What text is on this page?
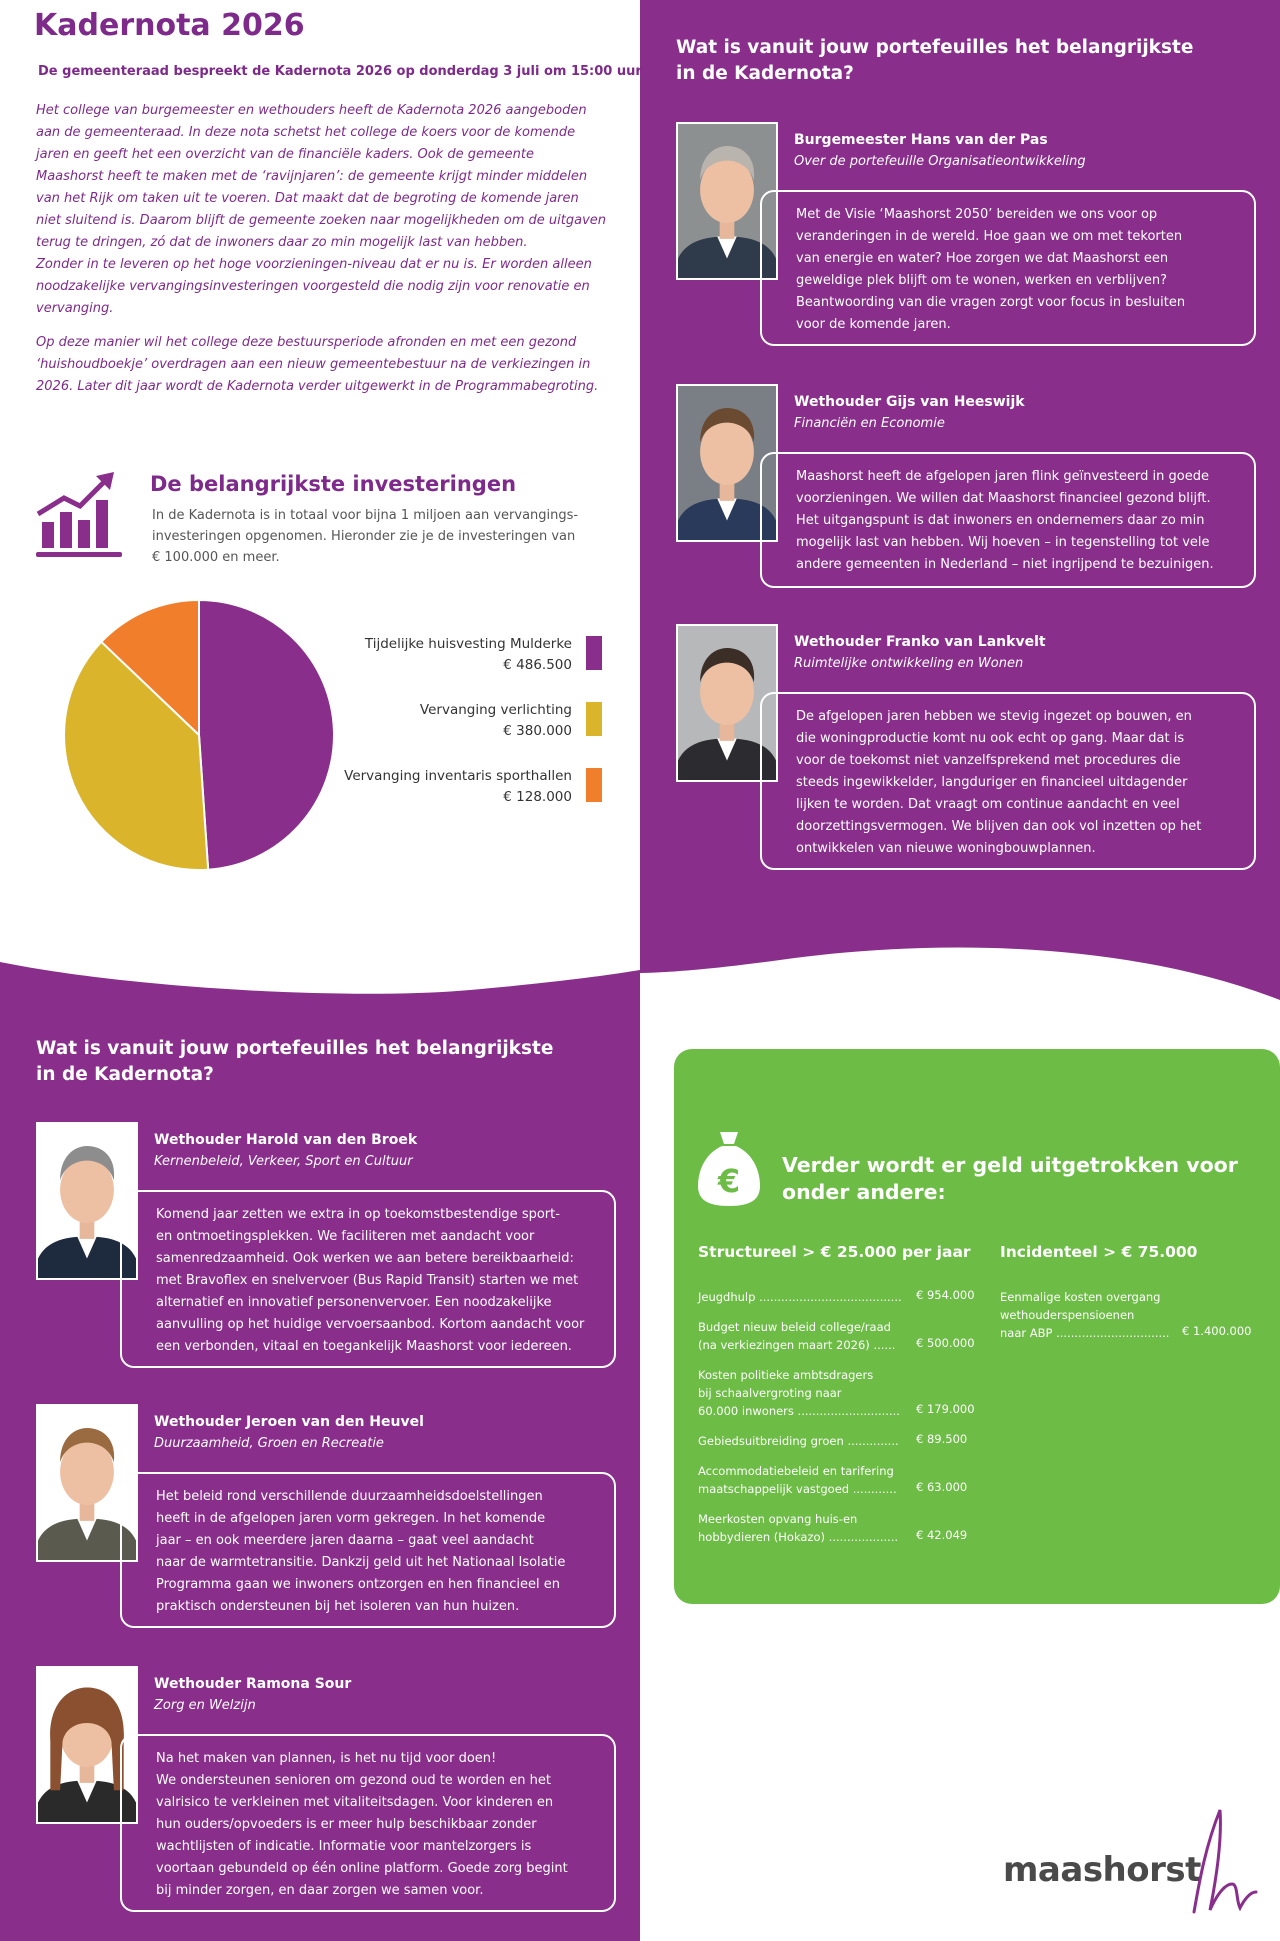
Kadernota 2026
De gemeenteraad bespreekt de Kadernota 2026 op donderdag 3 juli om 15:00 uur
Het college van burgemeester en wethouders heeft de Kadernota 2026 aangeboden
aan de gemeenteraad. In deze nota schetst het college de koers voor de komende
jaren en geeft het een overzicht van de financiële kaders. Ook de gemeente
Maashorst heeft te maken met de ‘ravijnjaren’: de gemeente krijgt minder middelen
van het Rijk om taken uit te voeren. Dat maakt dat de begroting de komende jaren
niet sluitend is. Daarom blijft de gemeente zoeken naar mogelijkheden om de uitgaven
terug te dringen, zó dat de inwoners daar zo min mogelijk last van hebben.
Zonder in te leveren op het hoge voorzieningen-niveau dat er nu is. Er worden alleen
noodzakelijke vervangingsinvesteringen voorgesteld die nodig zijn voor renovatie en
vervanging.
Op deze manier wil het college deze bestuursperiode afronden en met een gezond
‘huishoudboekje’ overdragen aan een nieuw gemeentebestuur na de verkiezingen in
2026. Later dit jaar wordt de Kadernota verder uitgewerkt in de Programmabegroting.
De belangrijkste investeringen
In de Kadernota is in totaal voor bijna 1 miljoen aan vervangings-
investeringen opgenomen. Hieronder zie je de investeringen van
€ 100.000 en meer.
Tijdelijke huisvesting Mulderke
€ 486.500
Vervanging verlichting
€ 380.000
Vervanging inventaris sporthallen
€ 128.000
Wat is vanuit jouw portefeuilles het belangrijkste
in de Kadernota?
Burgemeester Hans van der Pas
Over de portefeuille Organisatieontwikkeling
Met de Visie ‘Maashorst 2050’ bereiden we ons voor op
veranderingen in de wereld. Hoe gaan we om met tekorten
van energie en water? Hoe zorgen we dat Maashorst een
geweldige plek blijft om te wonen, werken en verblijven?
Beantwoording van die vragen zorgt voor focus in besluiten
voor de komende jaren.
Wethouder Gijs van Heeswijk
Financiën en Economie
Maashorst heeft de afgelopen jaren flink geïnvesteerd in goede
voorzieningen. We willen dat Maashorst financieel gezond blijft.
Het uitgangspunt is dat inwoners en ondernemers daar zo min
mogelijk last van hebben. Wij hoeven – in tegenstelling tot vele
andere gemeenten in Nederland – niet ingrijpend te bezuinigen.
Wethouder Franko van Lankvelt
Ruimtelijke ontwikkeling en Wonen
De afgelopen jaren hebben we stevig ingezet op bouwen, en
die woningproductie komt nu ook echt op gang. Maar dat is
voor de toekomst niet vanzelfsprekend met procedures die
steeds ingewikkelder, langduriger en financieel uitdagender
lijken te worden. Dat vraagt om continue aandacht en veel
doorzettingsvermogen. We blijven dan ook vol inzetten op het
ontwikkelen van nieuwe woningbouwplannen.
Wat is vanuit jouw portefeuilles het belangrijkste
in de Kadernota?
Wethouder Harold van den Broek
Kernenbeleid, Verkeer, Sport en Cultuur
Komend jaar zetten we extra in op toekomstbestendige sport-
en ontmoetingsplekken. We faciliteren met aandacht voor
samenredzaamheid. Ook werken we aan betere bereikbaarheid:
met Bravoflex en snelvervoer (Bus Rapid Transit) starten we met
alternatief en innovatief personenvervoer. Een noodzakelijke
aanvulling op het huidige vervoersaanbod. Kortom aandacht voor
een verbonden, vitaal en toegankelijk Maashorst voor iedereen.
Wethouder Jeroen van den Heuvel
Duurzaamheid, Groen en Recreatie
Het beleid rond verschillende duurzaamheidsdoelstellingen
heeft in de afgelopen jaren vorm gekregen. In het komende
jaar – en ook meerdere jaren daarna – gaat veel aandacht
naar de warmtetransitie. Dankzij geld uit het Nationaal Isolatie
Programma gaan we inwoners ontzorgen en hen financieel en
praktisch ondersteunen bij het isoleren van hun huizen.
Wethouder Ramona Sour
Zorg en Welzijn
Na het maken van plannen, is het nu tijd voor doen!
We ondersteunen senioren om gezond oud te worden en het
valrisico te verkleinen met vitaliteitsdagen. Voor kinderen en
hun ouders/opvoeders is er meer hulp beschikbaar zonder
wachtlijsten of indicatie. Informatie voor mantelzorgers is
voortaan gebundeld op één online platform. Goede zorg begint
bij minder zorgen, en daar zorgen we samen voor.
€ Verder wordt er geld uitgetrokken voor
onder andere:
Structureel > € 25.000 per jaar Incidenteel > € 75.000
Jeugdhulp ....................................... € 954.000
Budget nieuw beleid college/raad
(na verkiezingen maart 2026) ...... € 500.000
Kosten politieke ambtsdragers
bij schaalvergroting naar
60.000 inwoners ............................ € 179.000
Gebiedsuitbreiding groen .............. € 89.500
Accommodatiebeleid en tarifering
maatschappelijk vastgoed ............ € 63.000
Meerkosten opvang huis-en
hobbydieren (Hokazo) ................... € 42.049
Eenmalige kosten overgang
wethouderspensioenen
naar ABP ............................... € 1.400.000
maashorst
